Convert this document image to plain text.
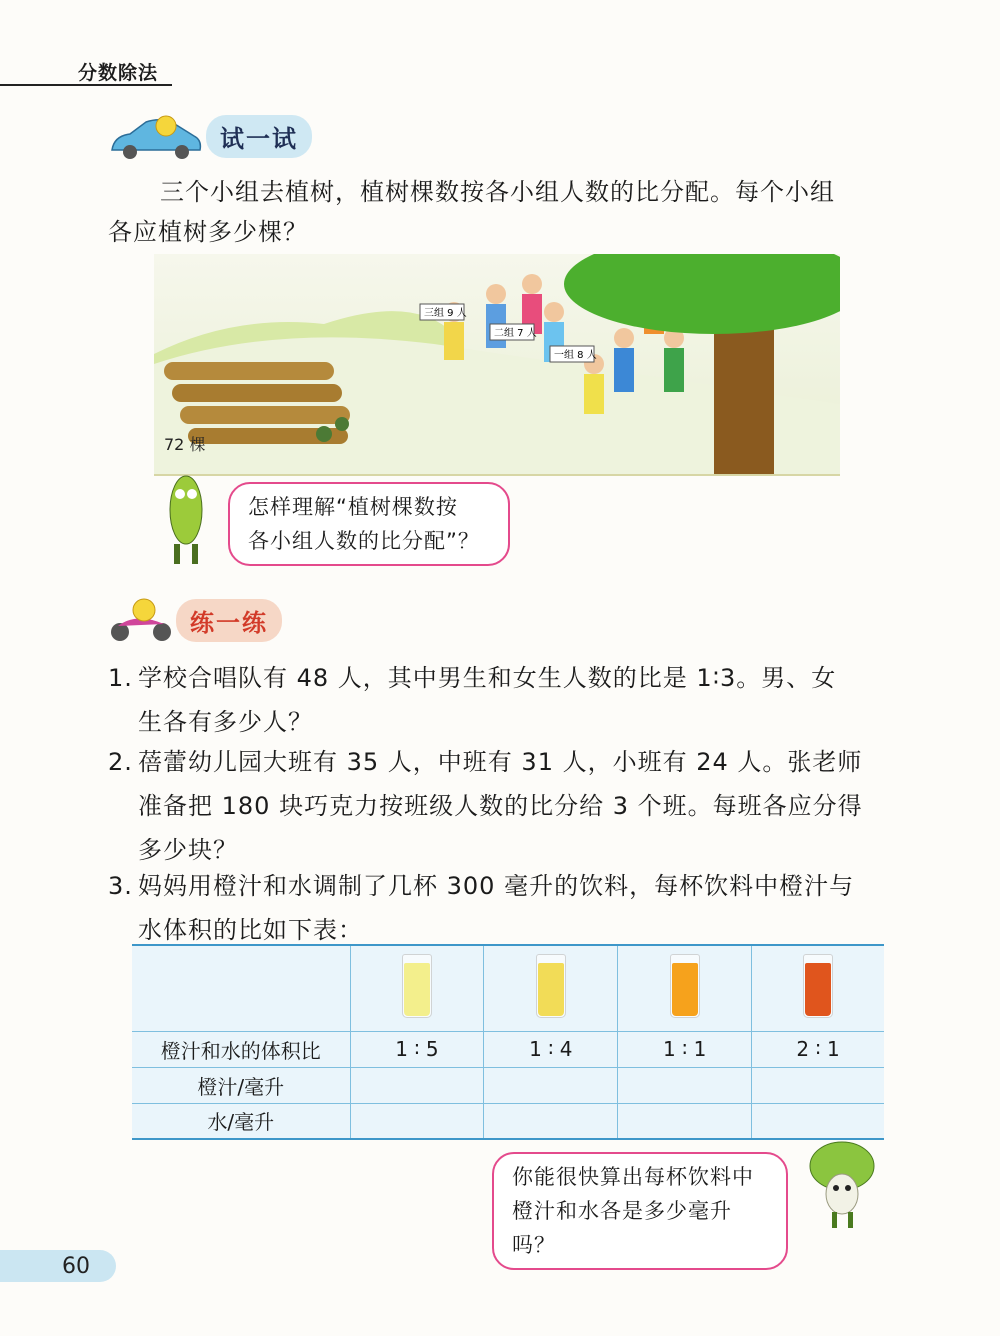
分数除法
试一试
三个小组去植树，植树棵数按各小组人数的比分配。每个小组
各应植树多少棵？
三组 9 人
二组 7 人
一组 8 人
72 棵
怎样理解“植树棵数按
各小组人数的比分配”？
练一练
1. 学校合唱队有 48 人，其中男生和女生人数的比是 1∶3。男、女
生各有多少人？
2. 蓓蕾幼儿园大班有 35 人，中班有 31 人，小班有 24 人。张老师
准备把 180 块巧克力按班级人数的比分给 3 个班。每班各应分得
多少块？
3. 妈妈用橙汁和水调制了几杯 300 毫升的饮料，每杯饮料中橙汁与
水体积的比如下表：

橙汁和水的体积比	1 ∶ 5	1 ∶ 4	1 ∶ 1	2 ∶ 1
橙汁/毫升				
水/毫升				
你能很快算出每杯饮料中
橙汁和水各是多少毫升吗？
60
